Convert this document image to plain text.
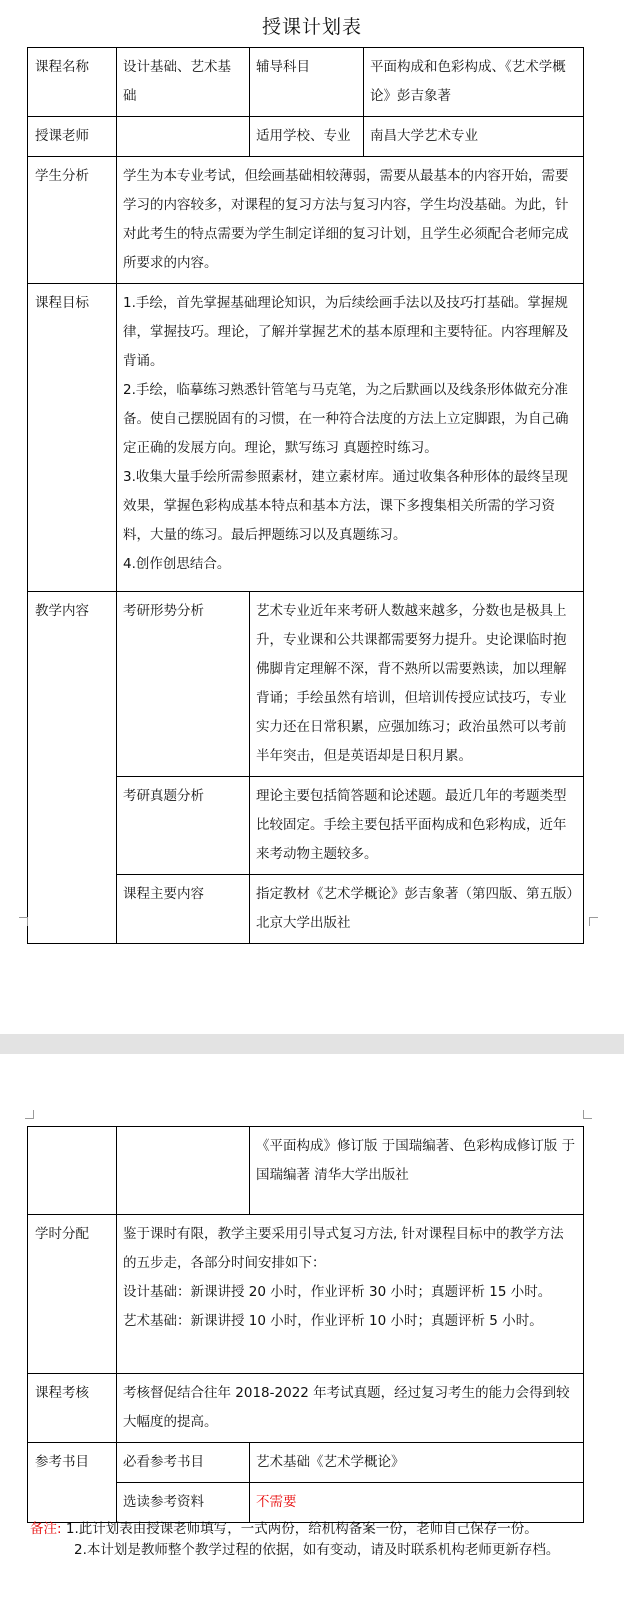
授课计划表
课程名称	设计基础、艺术基础	辅导科目	平面构成和色彩构成、《艺术学概论》彭吉象著
授课老师		适用学校、专业	南昌大学艺术专业
学生分析	学生为本专业考试，但绘画基础相较薄弱，需要从最基本的内容开始，需要学习的内容较多，对课程的复习方法与复习内容，学生均没基础。为此，针对此考生的特点需要为学生制定详细的复习计划，且学生必须配合老师完成所要求的内容。		
课程目标	1.手绘，首先掌握基础理论知识，为后续绘画手法以及技巧打基础。掌握规律，掌握技巧。理论，了解并掌握艺术的基本原理和主要特征。内容理解及背诵。
2.手绘，临摹练习熟悉针管笔与马克笔，为之后默画以及线条形体做充分准备。使自己摆脱固有的习惯，在一种符合法度的方法上立定脚跟，为自己确定正确的发展方向。理论，默写练习 真题控时练习。
3.收集大量手绘所需参照素材，建立素材库。通过收集各种形体的最终呈现效果，掌握色彩构成基本特点和基本方法，课下多搜集相关所需的学习资料，大量的练习。最后押题练习以及真题练习。
4.创作创思结合。		

教学内容	考研形势分析	艺术专业近年来考研人数越来越多，分数也是极具上升，专业课和公共课都需要努力提升。史论课临时抱佛脚肯定理解不深，背不熟所以需要熟读，加以理解背诵；手绘虽然有培训，但培训传授应试技巧，专业实力还在日常积累，应强加练习；政治虽然可以考前半年突击，但是英语却是日积月累。	
	考研真题分析	理论主要包括简答题和论述题。最近几年的考题类型比较固定。手绘主要包括平面构成和色彩构成，近年来考动物主题较多。	
	课程主要内容	指定教材《艺术学概论》彭吉象著（第四版、第五版）北京大学出版社	
		《平面构成》修订版 于国瑞编著、色彩构成修订版 于国瑞编著 清华大学出版社
学时分配	鉴于课时有限，教学主要采用引导式复习方法, 针对课程目标中的教学方法的五步走，各部分时间安排如下：
设计基础：新课讲授 20 小时，作业评析 30 小时；真题评析 15 小时。
艺术基础：新课讲授 10 小时，作业评析 10 小时；真题评析 5 小时。	

课程考核	考核督促结合往年 2018-2022 年考试真题，经过复习考生的能力会得到较大幅度的提高。	
参考书目	必看参考书目	艺术基础《艺术学概论》
	选读参考资料	不需要
备注: 1.此计划表由授课老师填写，一式两份，给机构备案一份，老师自己保存一份。
2.本计划是教师整个教学过程的依据，如有变动，请及时联系机构老师更新存档。
